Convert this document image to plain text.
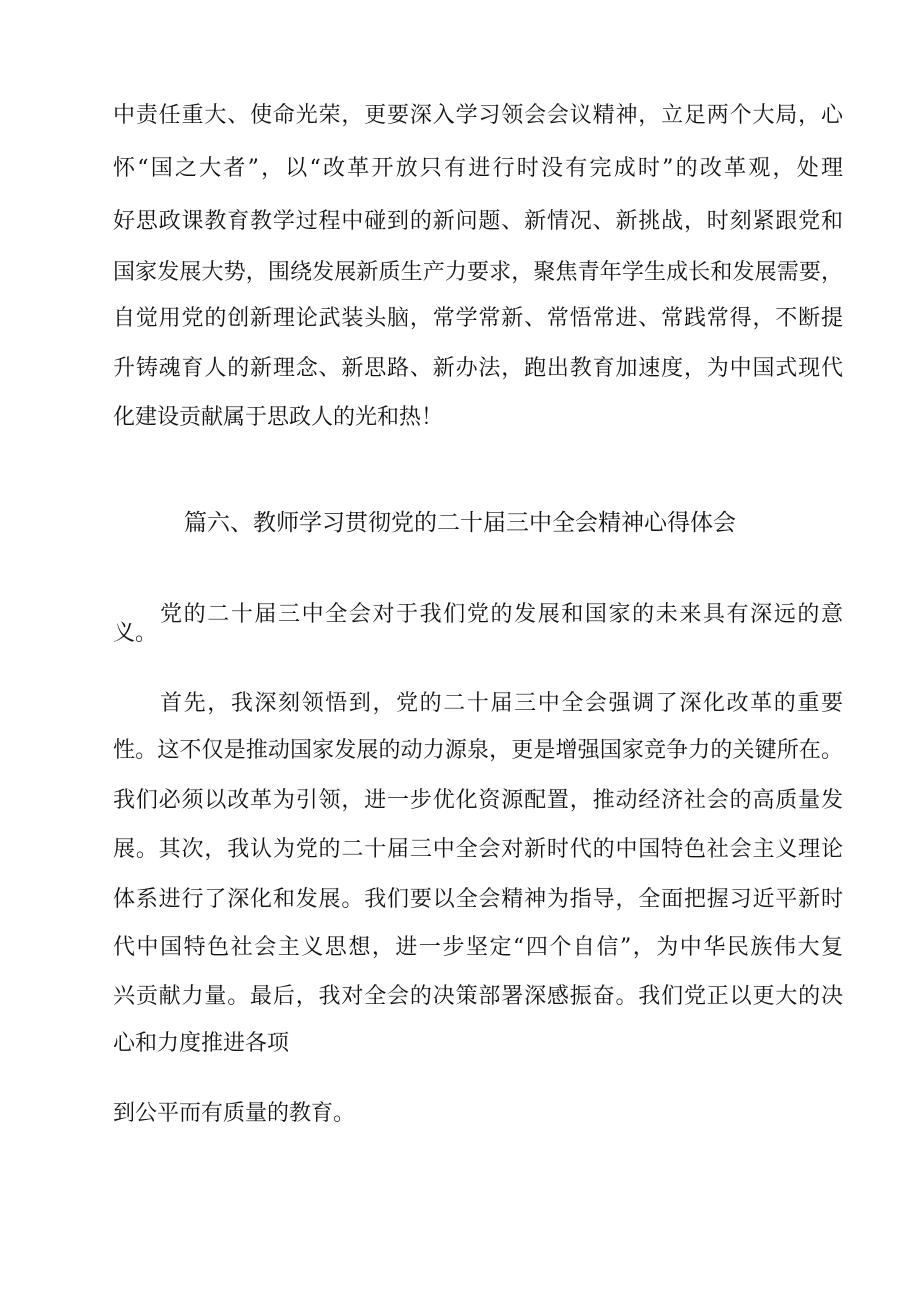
中责任重大、使命光荣，更要深入学习领会会议精神，立足两个大局，心
怀“国之大者”，以“改革开放只有进行时没有完成时”的改革观，处理
好思政课教育教学过程中碰到的新问题、新情况、新挑战，时刻紧跟党和
国家发展大势，围绕发展新质生产力要求，聚焦青年学生成长和发展需要，
自觉用党的创新理论武装头脑，常学常新、常悟常进、常践常得，不断提
升铸魂育人的新理念、新思路、新办法，跑出教育加速度，为中国式现代
化建设贡献属于思政人的光和热！
篇六、教师学习贯彻党的二十届三中全会精神心得体会
党的二十届三中全会对于我们党的发展和国家的未来具有深远的意
义。
首先，我深刻领悟到，党的二十届三中全会强调了深化改革的重要
性。这不仅是推动国家发展的动力源泉，更是增强国家竞争力的关键所在。
我们必须以改革为引领，进一步优化资源配置，推动经济社会的高质量发
展。其次，我认为党的二十届三中全会对新时代的中国特色社会主义理论
体系进行了深化和发展。我们要以全会精神为指导，全面把握习近平新时
代中国特色社会主义思想，进一步坚定“四个自信”，为中华民族伟大复
兴贡献力量。最后，我对全会的决策部署深感振奋。我们党正以更大的决
心和力度推进各项
到公平而有质量的教育。
